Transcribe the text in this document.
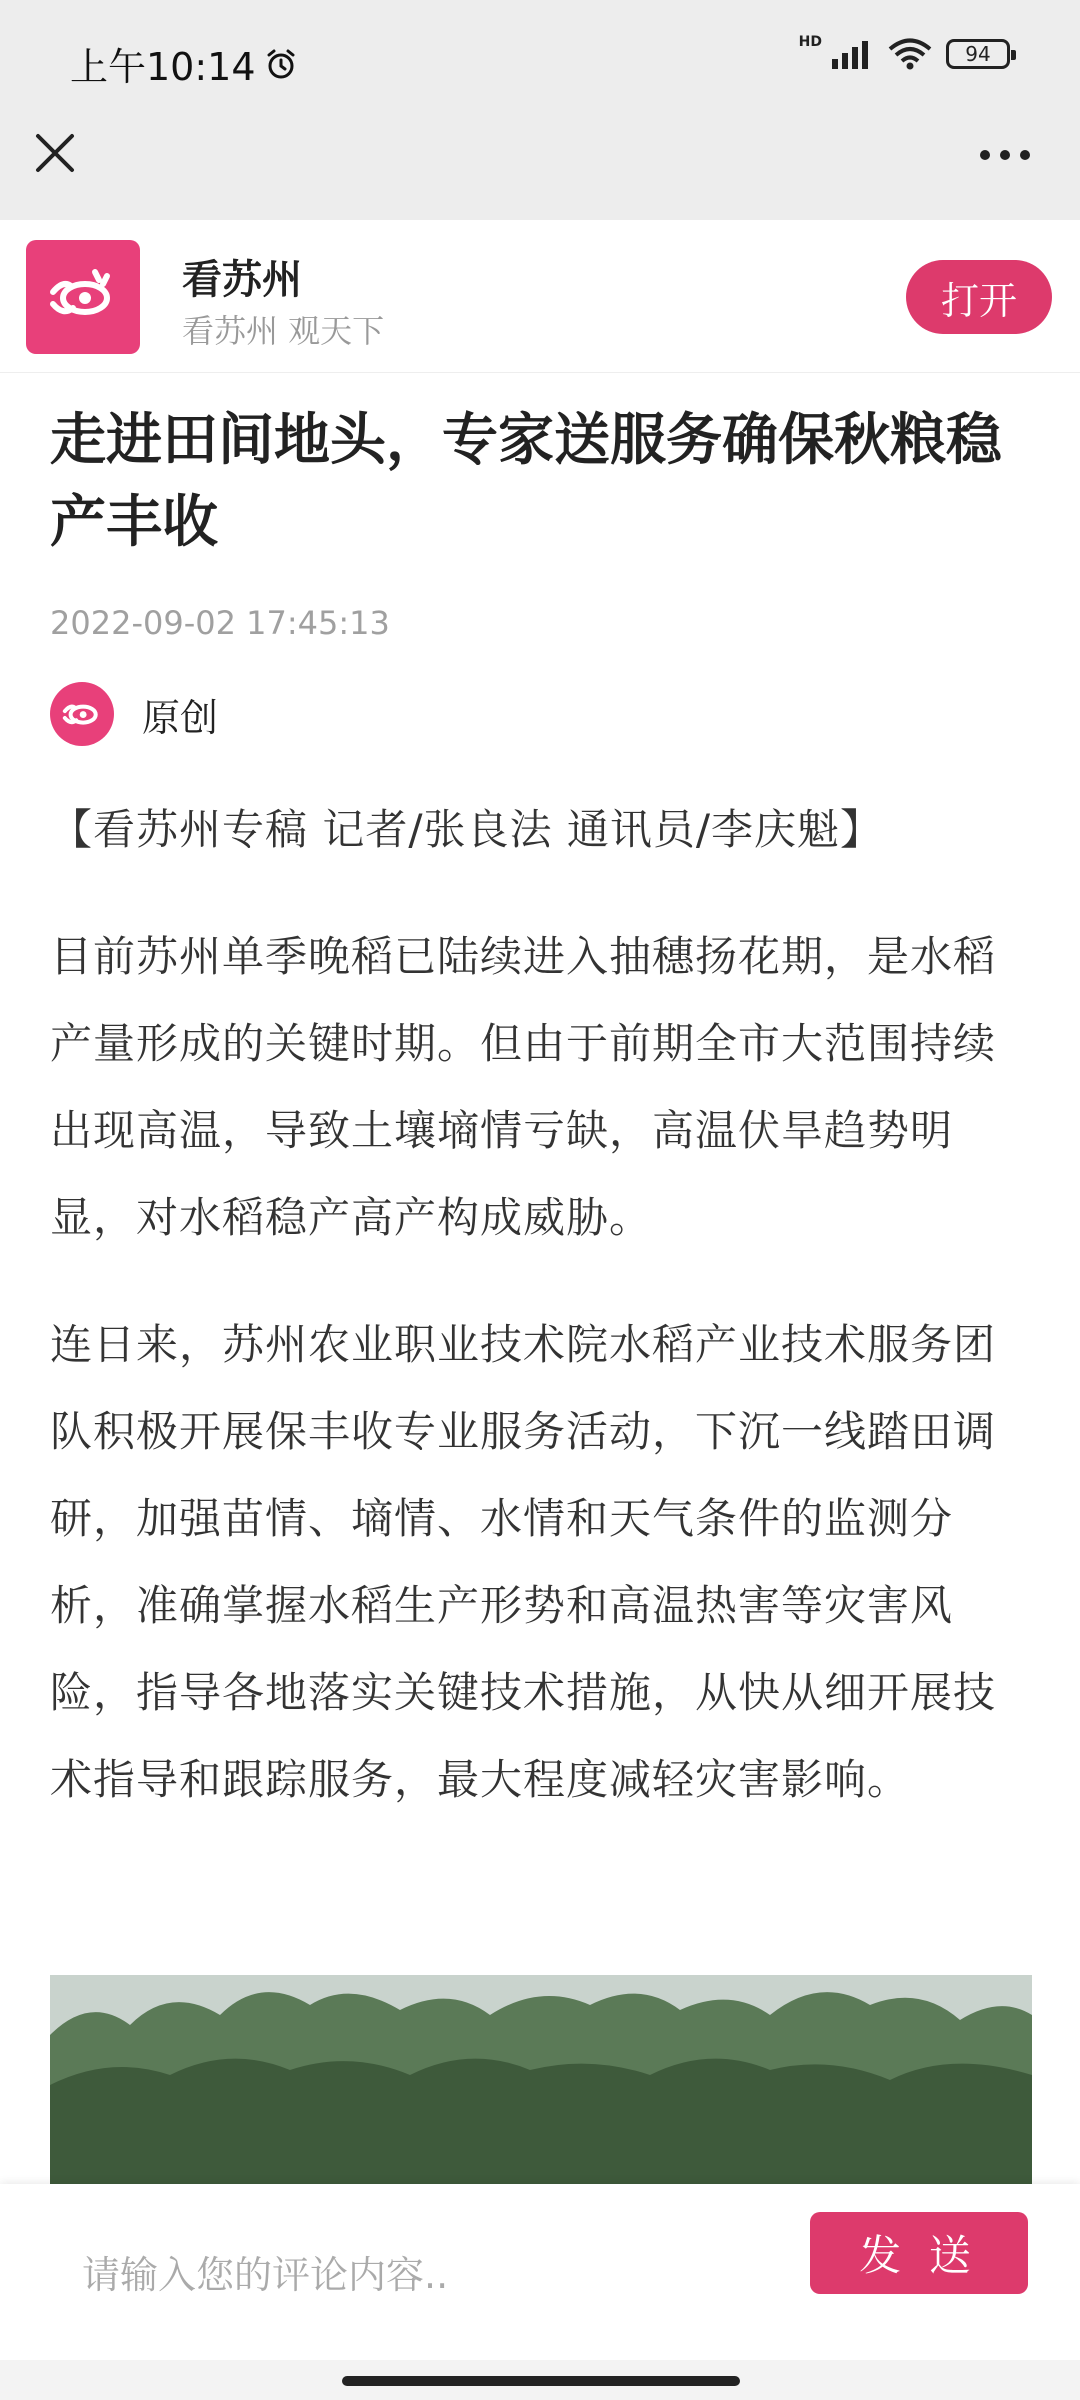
上午10:14
HD	94
看苏州
看苏州 观天下
打开
走进田间地头，专家送服务确保秋粮稳产丰收
2022-09-02 17:45:13
原创

【看苏州专稿 记者/张良法 通讯员/李庆魁】

目前苏州单季晚稻已陆续进入抽穗扬花期，是水稻产量形成的关键时期。但由于前期全市大范围持续出现高温，导致土壤墒情亏缺，高温伏旱趋势明显，对水稻稳产高产构成威胁。

连日来，苏州农业职业技术院水稻产业技术服务团队积极开展保丰收专业服务活动，下沉一线踏田调研，加强苗情、墒情、水情和天气条件的监测分析，准确掌握水稻生产形势和高温热害等灾害风险，指导各地落实关键技术措施，从快从细开展技术指导和跟踪服务，最大程度减轻灾害影响。

请输入您的评论内容..
发 送
